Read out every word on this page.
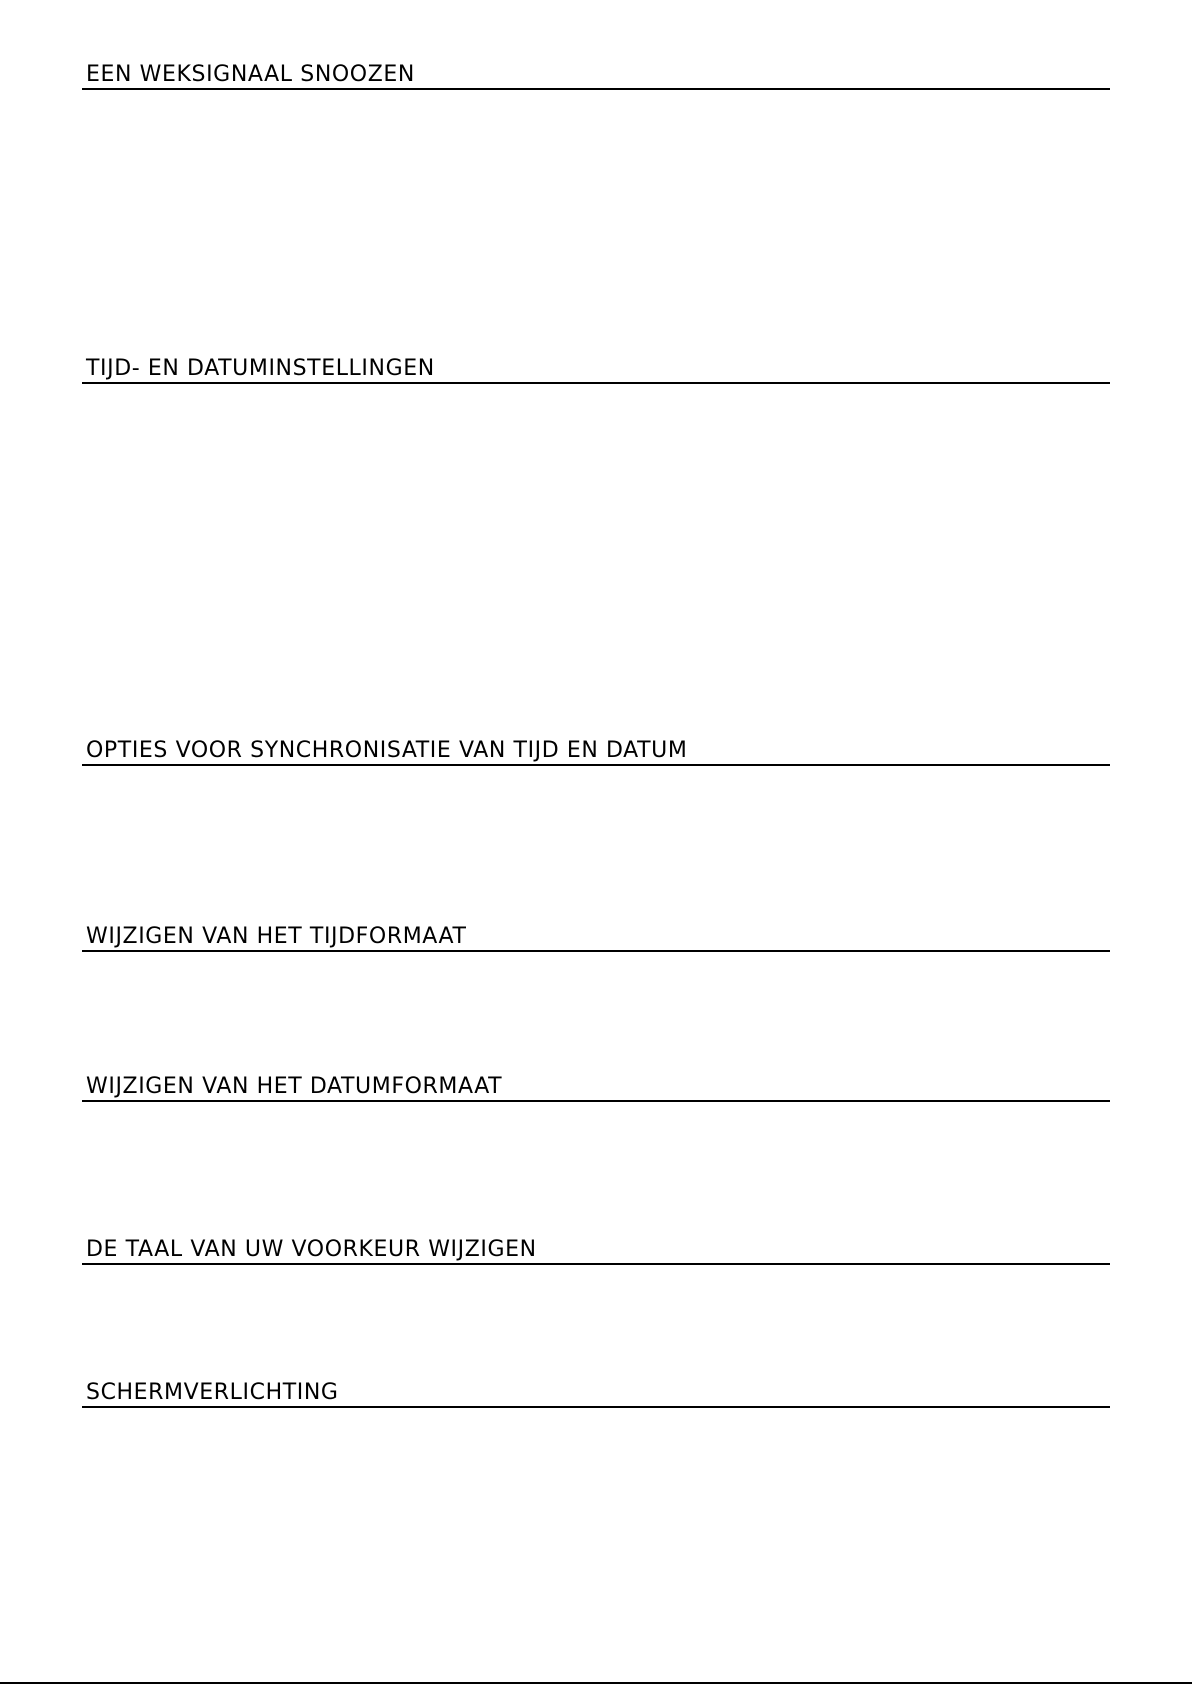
EEN WEKSIGNAAL SNOOZEN
TIJD- EN DATUMINSTELLINGEN
OPTIES VOOR SYNCHRONISATIE VAN TIJD EN DATUM
WIJZIGEN VAN HET TIJDFORMAAT
WIJZIGEN VAN HET DATUMFORMAAT
DE TAAL VAN UW VOORKEUR WIJZIGEN
SCHERMVERLICHTING
